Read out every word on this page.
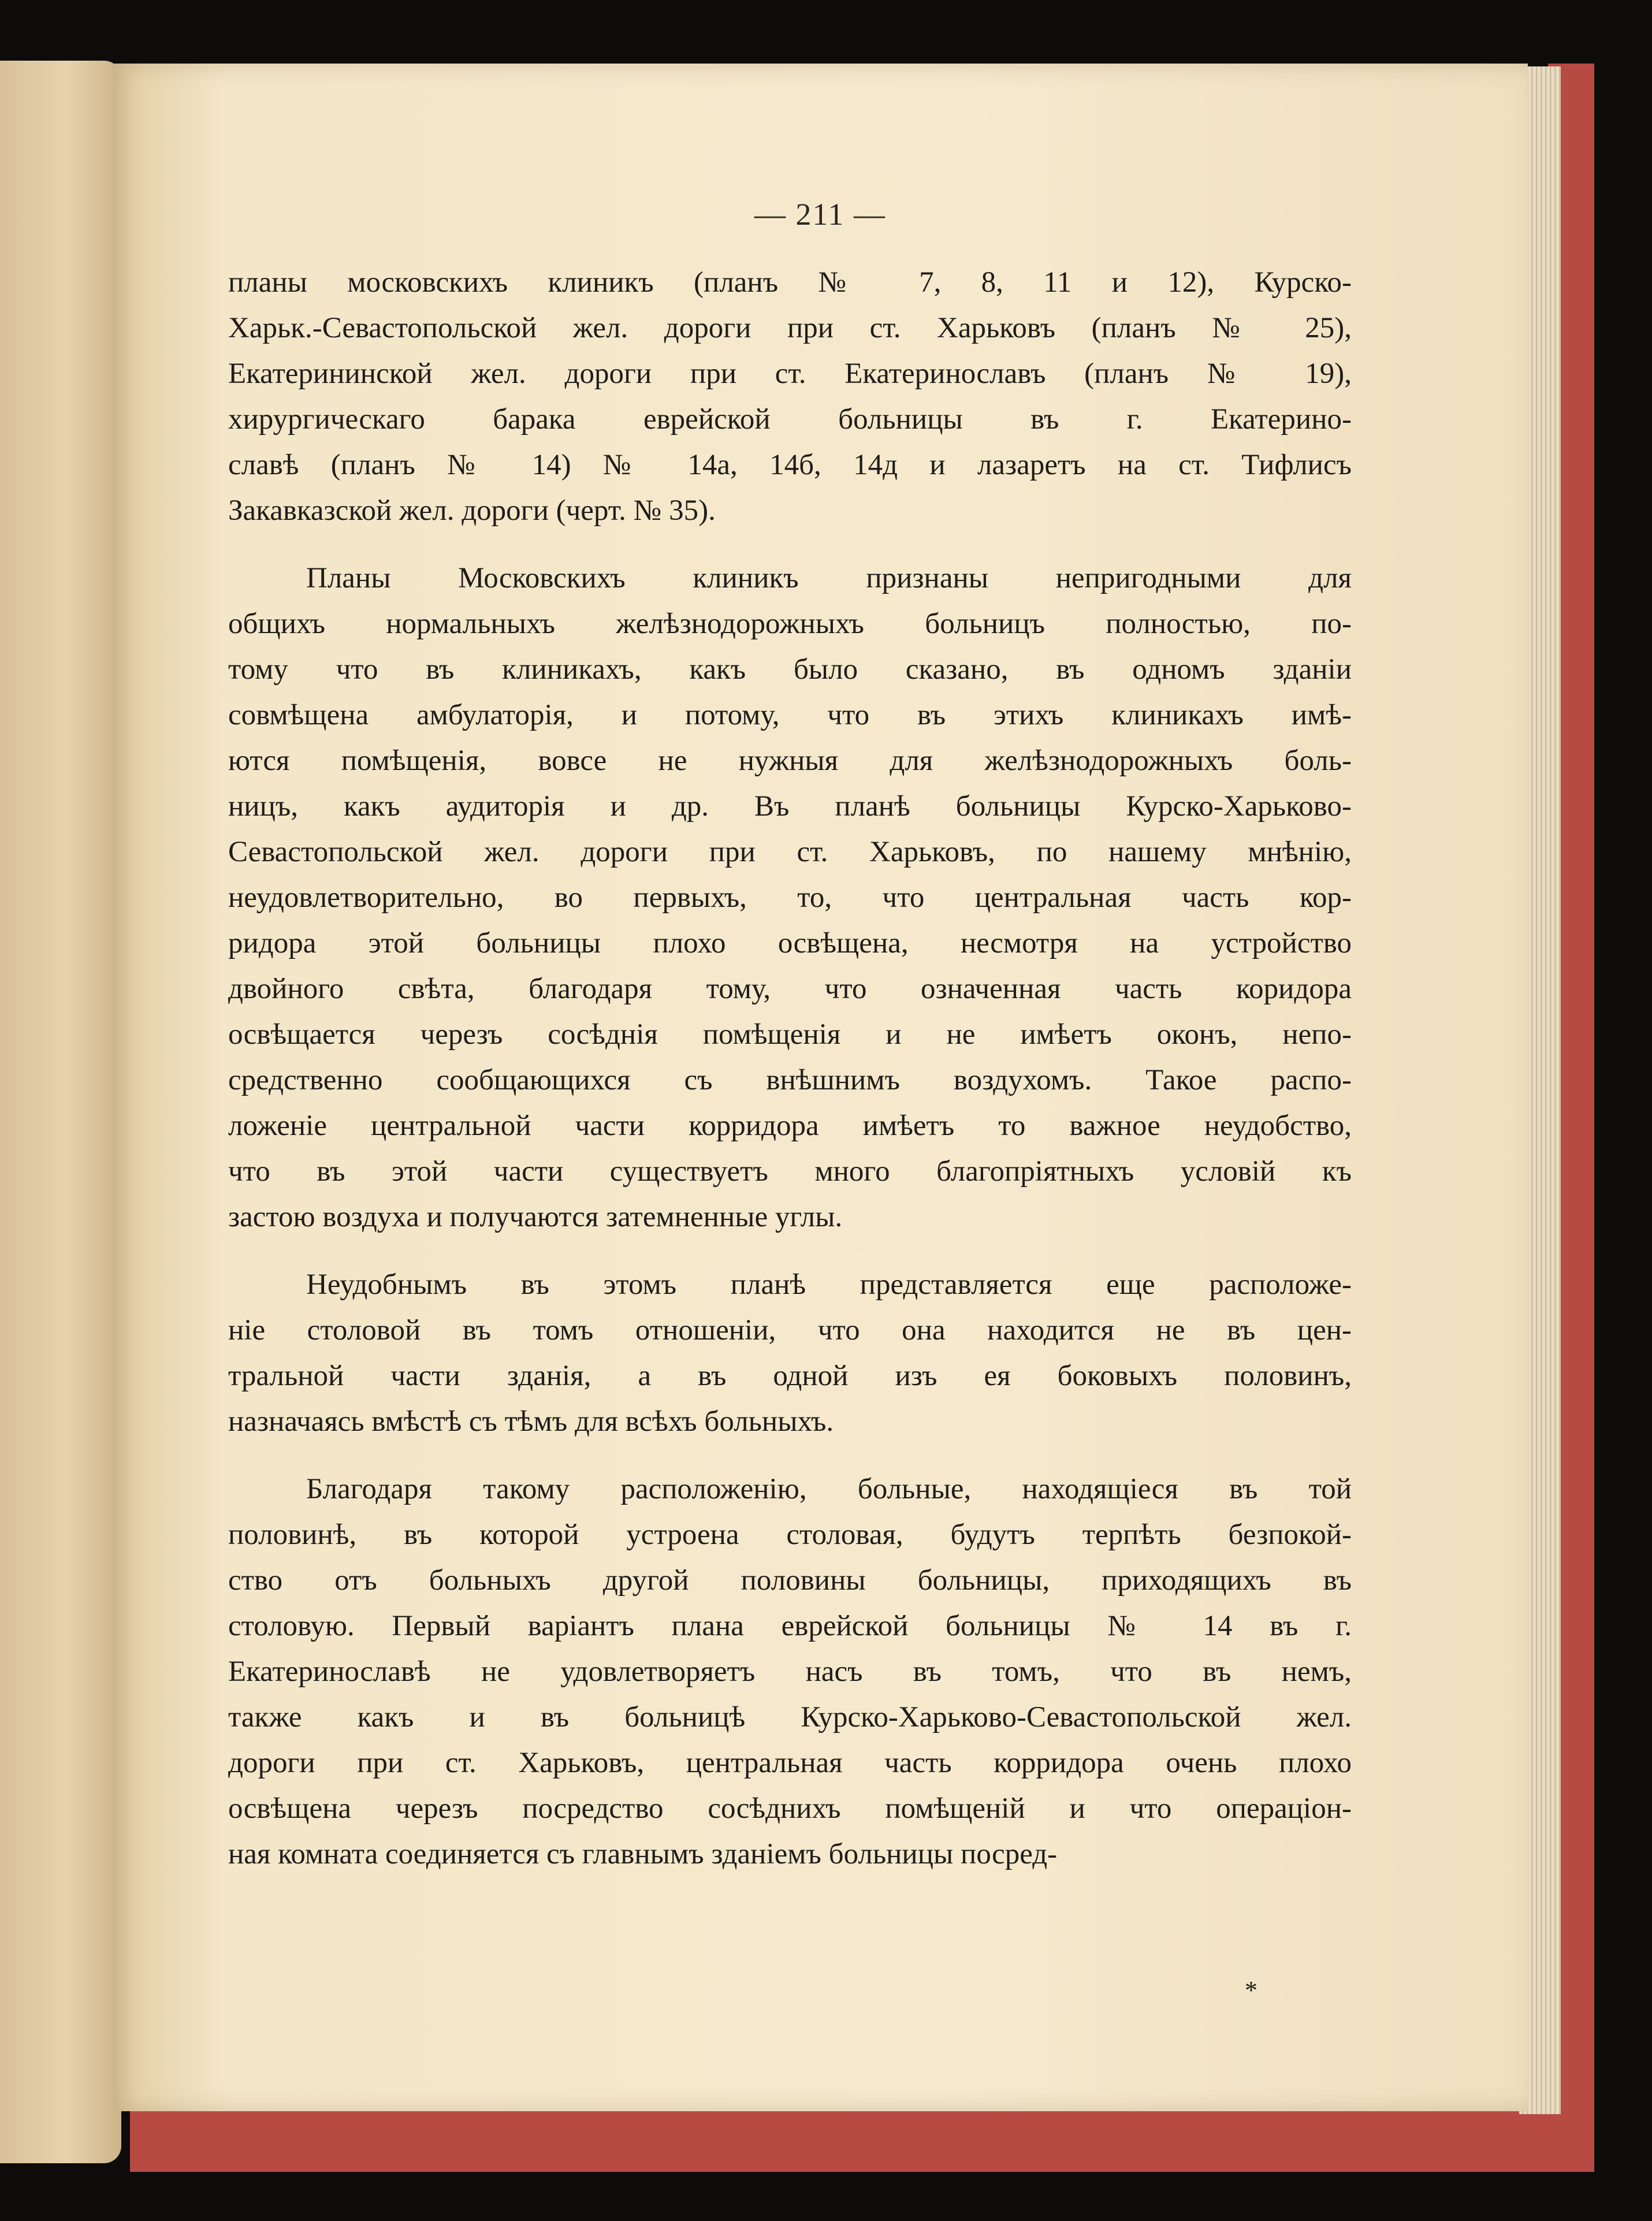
— 211 —
планы московскихъ клиникъ (планъ № 7, 8, 11 и 12), Курско-
Харьк.-Севастопольской жел. дороги при ст. Харьковъ (планъ № 25),
Екатерининской жел. дороги при ст. Екатеринославъ (планъ № 19),
хирургическаго барака еврейской больницы въ г. Екатерино-
славѣ (планъ № 14) № 14а, 14б, 14д и лазаретъ на ст. Тифлисъ
Закавказской жел. дороги (черт. № 35).
Планы Московскихъ клиникъ признаны непригодными для
общихъ нормальныхъ желѣзнодорожныхъ больницъ полностью, по-
тому что въ клиникахъ, какъ было сказано, въ одномъ зданіи
совмѣщена амбулаторія, и потому, что въ этихъ клиникахъ имѣ-
ются помѣщенія, вовсе не нужныя для желѣзнодорожныхъ боль-
ницъ, какъ аудиторія и др. Въ планѣ больницы Курско-Харьково-
Севастопольской жел. дороги при ст. Харьковъ, по нашему мнѣнію,
неудовлетворительно, во первыхъ, то, что центральная часть кор-
ридора этой больницы плохо освѣщена, несмотря на устройство
двойного свѣта, благодаря тому, что означенная часть коридора
освѣщается черезъ сосѣднія помѣщенія и не имѣетъ оконъ, непо-
средственно сообщающихся съ внѣшнимъ воздухомъ. Такое распо-
ложеніе центральной части корридора имѣетъ то важное неудобство,
что въ этой части существуетъ много благопріятныхъ условій къ
застою воздуха и получаются затемненные углы.
Неудобнымъ въ этомъ планѣ представляется еще расположе-
ніе столовой въ томъ отношеніи, что она находится не въ цен-
тральной части зданія, а въ одной изъ ея боковыхъ половинъ,
назначаясь вмѣстѣ съ тѣмъ для всѣхъ больныхъ.
Благодаря такому расположенію, больные, находящіеся въ той
половинѣ, въ которой устроена столовая, будутъ терпѣть безпокой-
ство отъ больныхъ другой половины больницы, приходящихъ въ
столовую. Первый варіантъ плана еврейской больницы № 14 въ г.
Екатеринославѣ не удовлетворяетъ насъ въ томъ, что въ немъ,
также какъ и въ больницѣ Курско-Харьково-Севастопольской жел.
дороги при ст. Харьковъ, центральная часть корридора очень плохо
освѣщена черезъ посредство сосѣднихъ помѣщеній и что операціон-
ная комната соединяется съ главнымъ зданіемъ больницы посред-
*
